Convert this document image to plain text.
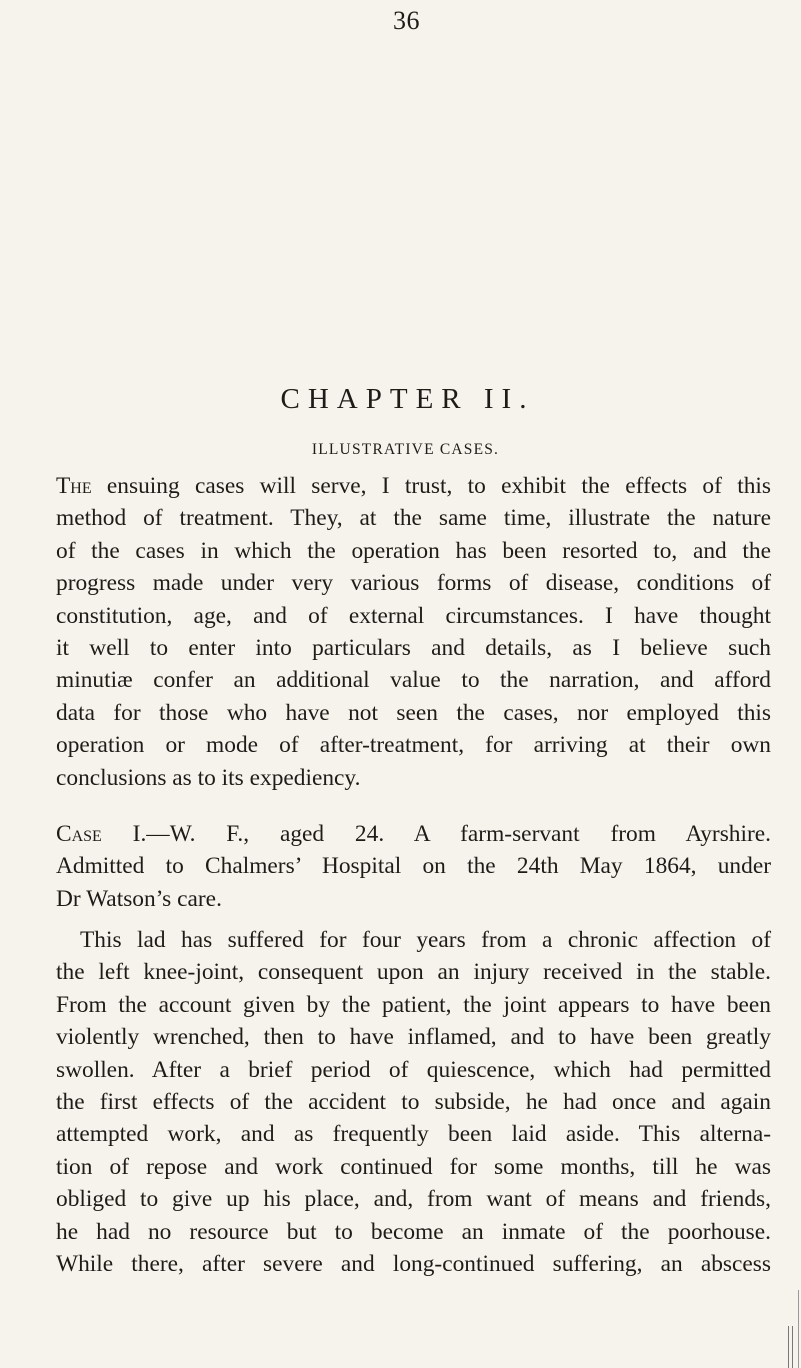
36
CHAPTER II.
ILLUSTRATIVE CASES.
The ensuing cases will serve, I trust, to exhibit the effects of this
method of treatment. They, at the same time, illustrate the nature
of the cases in which the operation has been resorted to, and the
progress made under very various forms of disease, conditions of
constitution, age, and of external circumstances. I have thought
it well to enter into particulars and details, as I believe such
minutiæ confer an additional value to the narration, and afford
data for those who have not seen the cases, nor employed this
operation or mode of after-treatment, for arriving at their own
conclusions as to its expediency.
Case I.—W. F., aged 24. A farm-servant from Ayrshire.
Admitted to Chalmers’ Hospital on the 24th May 1864, under
Dr Watson’s care.
This lad has suffered for four years from a chronic affection of
the left knee-joint, consequent upon an injury received in the stable.
From the account given by the patient, the joint appears to have been
violently wrenched, then to have inflamed, and to have been greatly
swollen. After a brief period of quiescence, which had permitted
the first effects of the accident to subside, he had once and again
attempted work, and as frequently been laid aside. This alterna-
tion of repose and work continued for some months, till he was
obliged to give up his place, and, from want of means and friends,
he had no resource but to become an inmate of the poorhouse.
While there, after severe and long-continued suffering, an abscess
